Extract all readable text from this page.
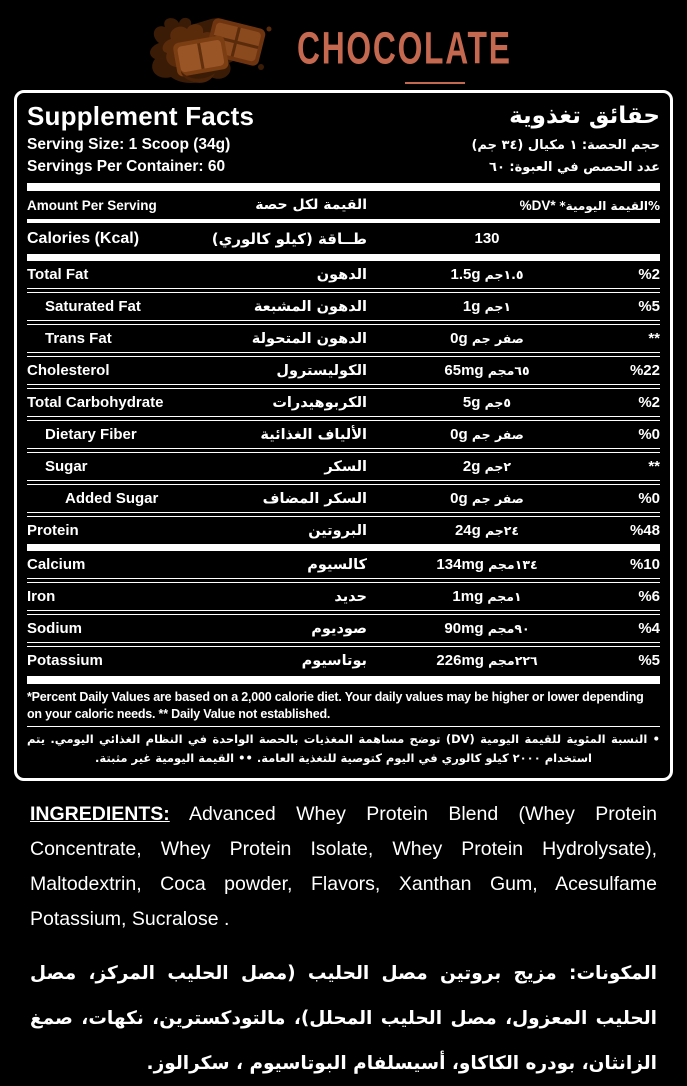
CHOCOLATE
Supplement Facts	حقائق تغذوية
Serving Size: 1 Scoop (34g)	حجم الحصة: ١ مكيال (٣٤ جم)
Servings Per Container: 60	عدد الحصص في العبوة: ٦٠
Amount Per Serving	القيمة لكل حصة	%DV* %القيمة اليومية*
Calories (Kcal)	طــاقة (كيلو كالوري)	130
Total Fat	الدهون	1.5g ١.٥جم	%2
Saturated Fat	الدهون المشبعة	1g ١جم	%5
Trans Fat	الدهون المتحولة	0g صفر جم	**
Cholesterol	الكوليسترول	65mg ٦٥مجم	%22
Total Carbohydrate	الكربوهيدرات	5g ٥جم	%2
Dietary Fiber	الألياف الغذائية	0g صفر جم	%0
Sugar	السكر	2g ٢جم	**
Added Sugar	السكر المضاف	0g صفر جم	%0
Protein	البروتين	24g ٢٤جم	%48
Calcium	كالسيوم	134mg ١٣٤مجم	%10
Iron	حديد	1mg ١مجم	%6
Sodium	صوديوم	90mg ٩٠مجم	%4
Potassium	بوتاسيوم	226mg ٢٢٦مجم	%5
*Percent Daily Values are based on a 2,000 calorie diet. Your daily values may be higher or lower depending on your caloric needs. ** Daily Value not established.
• النسبة المئوية للقيمة اليومية (DV) توضح مساهمة المغذيات بالحصة الواحدة في النظام الغذائي اليومي. يتم استخدام ٢٠٠٠ كيلو كالوري في اليوم كتوصية للتغذية العامة. •• القيمة اليومية غير مثبتة.

INGREDIENTS: Advanced Whey Protein Blend (Whey Protein Concentrate, Whey Protein Isolate, Whey Protein Hydrolysate), Maltodextrin, Coca powder, Flavors, Xanthan Gum, Acesulfame Potassium, Sucralose .

المكونات: مزيج بروتين مصل الحليب (مصل الحليب المركز، مصل الحليب المعزول، مصل الحليب المحلل)، مالتودكسترين، نكهات، صمغ الزانثان، بودره الكاكاو، أسيسلفام البوتاسيوم ، سكرالوز.
